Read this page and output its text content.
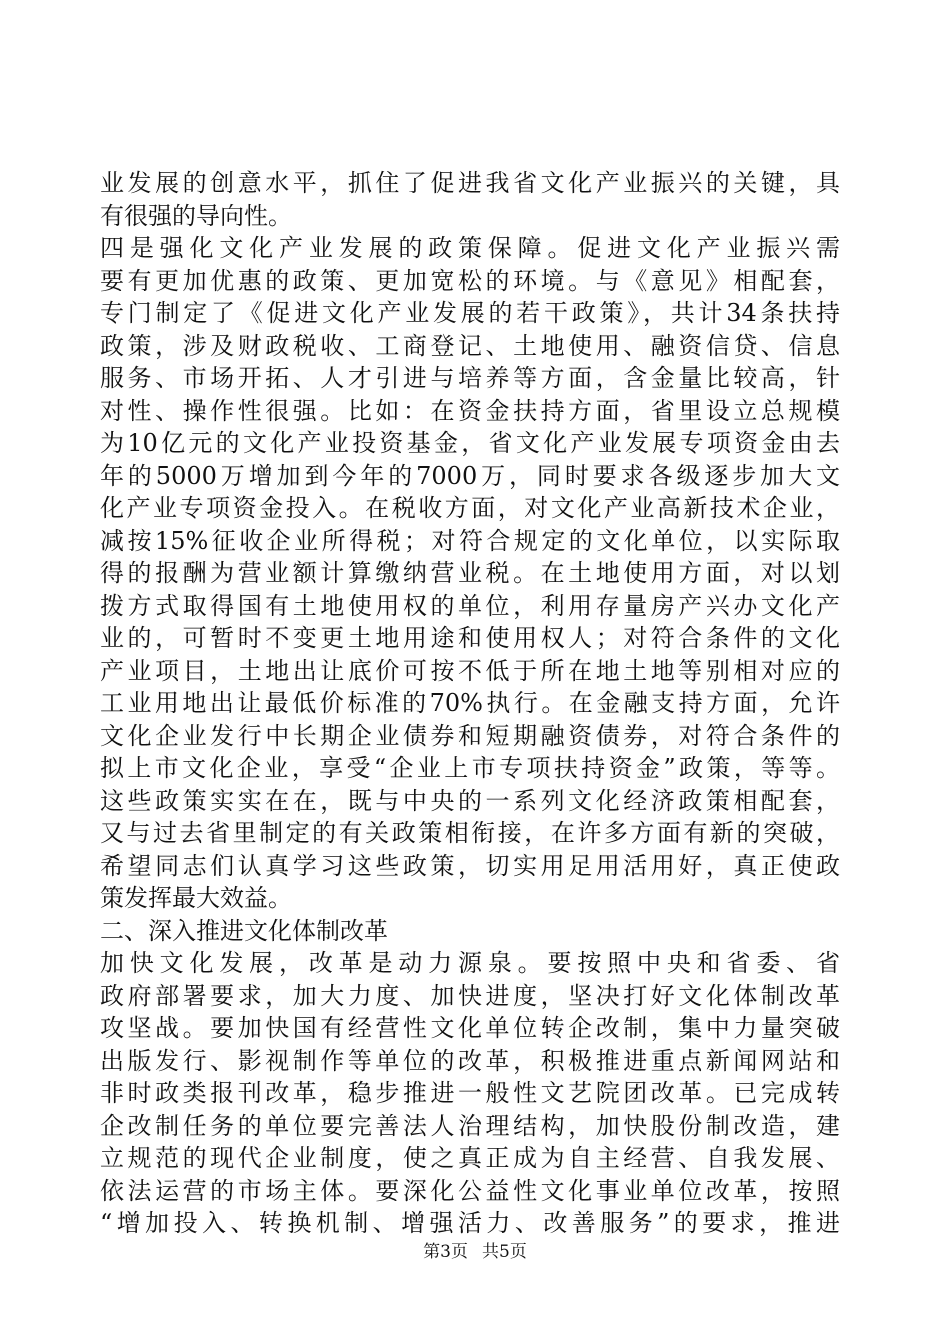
业发展的创意水平，抓住了促进我省文化产业振兴的关键，具
有很强的导向性。
四是强化文化产业发展的政策保障。促进文化产业振兴需
要有更加优惠的政策、更加宽松的环境。与《意见》相配套，
专门制定了《促进文化产业发展的若干政策》，共计34条扶持
政策，涉及财政税收、工商登记、土地使用、融资信贷、信息
服务、市场开拓、人才引进与培养等方面，含金量比较高，针
对性、操作性很强。比如：在资金扶持方面，省里设立总规模
为10亿元的文化产业投资基金，省文化产业发展专项资金由去
年的5000万增加到今年的7000万，同时要求各级逐步加大文
化产业专项资金投入。在税收方面，对文化产业高新技术企业，
减按15%征收企业所得税；对符合规定的文化单位，以实际取
得的报酬为营业额计算缴纳营业税。在土地使用方面，对以划
拨方式取得国有土地使用权的单位，利用存量房产兴办文化产
业的，可暂时不变更土地用途和使用权人；对符合条件的文化
产业项目，土地出让底价可按不低于所在地土地等别相对应的
工业用地出让最低价标准的70%执行。在金融支持方面，允许
文化企业发行中长期企业债券和短期融资债券，对符合条件的
拟上市文化企业，享受“企业上市专项扶持资金”政策，等等。
这些政策实实在在，既与中央的一系列文化经济政策相配套，
又与过去省里制定的有关政策相衔接，在许多方面有新的突破，
希望同志们认真学习这些政策，切实用足用活用好，真正使政
策发挥最大效益。
二、深入推进文化体制改革
加快文化发展，改革是动力源泉。要按照中央和省委、省
政府部署要求，加大力度、加快进度，坚决打好文化体制改革
攻坚战。要加快国有经营性文化单位转企改制，集中力量突破
出版发行、影视制作等单位的改革，积极推进重点新闻网站和
非时政类报刊改革，稳步推进一般性文艺院团改革。已完成转
企改制任务的单位要完善法人治理结构，加快股份制改造，建
立规范的现代企业制度，使之真正成为自主经营、自我发展、
依法运营的市场主体。要深化公益性文化事业单位改革，按照
“增加投入、转换机制、增强活力、改善服务”的要求，推进
第3页 共5页
